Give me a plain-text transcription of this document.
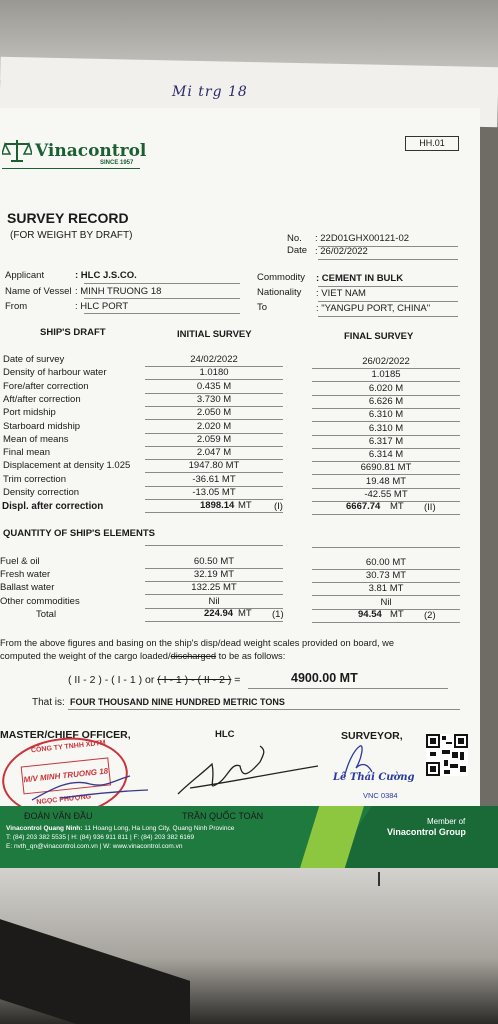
Mi trg 18
Vinacontrol
SINCE 1957
HH.01
SURVEY RECORD
(FOR WEIGHT BY DRAFT)	No. : 22D01GHX00121-02
Date : 26/02/2022
Applicant	: HLC J.S.CO.
Name of Vessel : MINH TRUONG 18
From	: HLC PORT
Commodity : CEMENT IN BULK
Nationality : VIET NAM
To	: "YANGPU PORT, CHINA"
SHIP'S DRAFT	INITIAL SURVEY	FINAL SURVEY
Date of survey	24/02/2022	26/02/2022
Density of harbour water	1.0180	1.0185
Fore/after correction	0.435 M	6.020 M
Aft/after correction	3.730 M	6.626 M
Port midship	2.050 M	6.310 M
Starboard midship	2.020 M	6.310 M
Mean of means	2.059 M	6.317 M
Final mean	2.047 M	6.314 M
Displacement at density 1.025	1947.80 MT	6690.81 MT
Trim correction	-36.61 MT	19.48 MT
Density correction	-13.05 MT	-42.55 MT
Displ. after correction	1898.14 MT (I)	6667.74 MT (II)
QUANTITY OF SHIP'S ELEMENTS
Fuel & oil	60.50 MT	60.00 MT
Fresh water	32.19 MT	30.73 MT
Ballast water	132.25 MT	3.81 MT
Other commodities	Nil	Nil
Total	224.94 MT (1)	94.54 MT (2)
From the above figures and basing on the ship's disp/dead weight scales provided on board, we
computed the weight of the cargo loaded/discharged to be as follows:
( II - 2 ) - ( I - 1 ) or ( I - 1 ) - ( II - 2 ) =	4900.00 MT
That is: FOUR THOUSAND NINE HUNDRED METRIC TONS
MASTER/CHIEF OFFICER,	HLC	SURVEYOR,
CÔNG TY TNHH XDTM
M/V MINH TRUONG 18
NGỌC PHƯỢNG
Lê Thái Cường
VNC 0384
ĐOÀN VĂN ĐẦU	TRẦN QUỐC TOÀN
Vinacontrol Quang Ninh: 11 Hoang Long, Ha Long City, Quang Ninh Province
T: (84) 203 382 5535 | H: (84) 936 911 811 | F: (84) 203 382 6169
E: nvth_qn@vinacontrol.com.vn | W: www.vinacontrol.com.vn
Member of
Vinacontrol Group
